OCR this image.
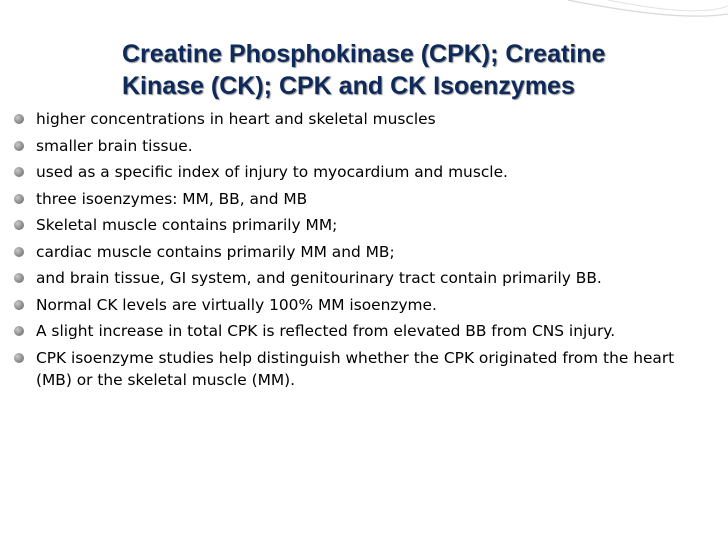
Creatine Phosphokinase (CPK); Creatine
Kinase (CK); CPK and CK Isoenzymes
higher concentrations in heart and skeletal muscles
smaller brain tissue.
used as a specific index of injury to myocardium and muscle.
three isoenzymes: MM, BB, and MB
Skeletal muscle contains primarily MM;
cardiac muscle contains primarily MM and MB;
and brain tissue, GI system, and genitourinary tract contain primarily BB.
Normal CK levels are virtually 100% MM isoenzyme.
A slight increase in total CPK is reflected from elevated BB from CNS injury.
CPK isoenzyme studies help distinguish whether the CPK originated from the heart (MB) or the skeletal muscle (MM).
